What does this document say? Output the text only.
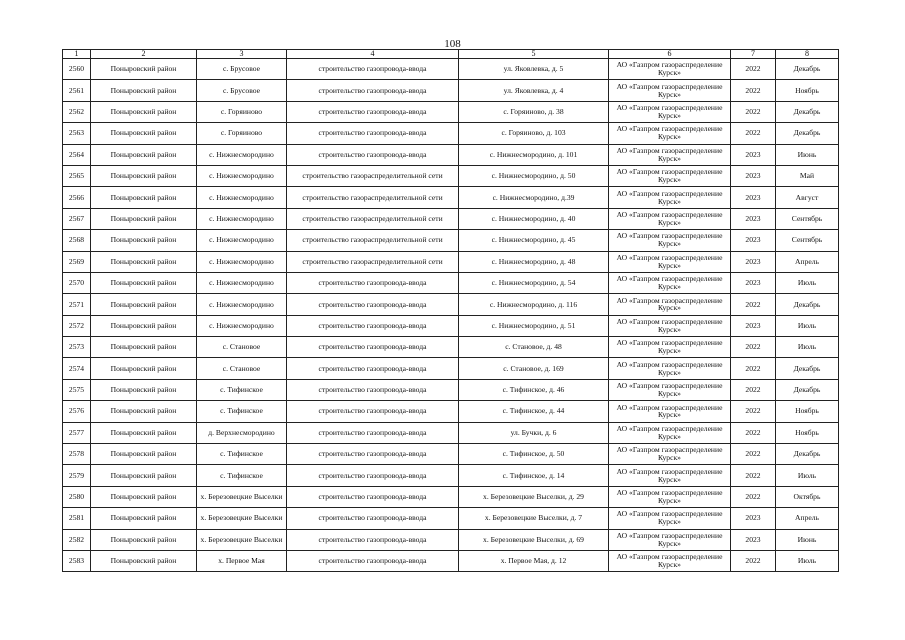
108
1	2	3	4	5	6	7	8
2560	Поныровский район	с. Брусовое	строительство газопровода-ввода	ул. Яковлевка, д. 5	АО «Газпром газораспределение Курск»	2022	Декабрь
2561	Поныровский район	с. Брусовое	строительство газопровода-ввода	ул. Яковлевка, д. 4	АО «Газпром газораспределение Курск»	2022	Ноябрь
2562	Поныровский район	с. Горяиново	строительство газопровода-ввода	с. Горяиново, д. 38	АО «Газпром газораспределение Курск»	2022	Декабрь
2563	Поныровский район	с. Горяиново	строительство газопровода-ввода	с. Горяиново, д. 103	АО «Газпром газораспределение Курск»	2022	Декабрь
2564	Поныровский район	с. Нижнесмородино	строительство газопровода-ввода	с. Нижнесмородино, д. 101	АО «Газпром газораспределение Курск»	2023	Июнь
2565	Поныровский район	с. Нижнесмородино	строительство газораспределительной сети	с. Нижнесмородино, д. 50	АО «Газпром газораспределение Курск»	2023	Май
2566	Поныровский район	с. Нижнесмородино	строительство газораспределительной сети	с. Нижнесмородино, д.39	АО «Газпром газораспределение Курск»	2023	Август
2567	Поныровский район	с. Нижнесмородино	строительство газораспределительной сети	с. Нижнесмородино, д. 40	АО «Газпром газораспределение Курск»	2023	Сентябрь
2568	Поныровский район	с. Нижнесмородино	строительство газораспределительной сети	с. Нижнесмородино, д. 45	АО «Газпром газораспределение Курск»	2023	Сентябрь
2569	Поныровский район	с. Нижнесмородино	строительство газораспределительной сети	с. Нижнесмородино, д. 48	АО «Газпром газораспределение Курск»	2023	Апрель
2570	Поныровский район	с. Нижнесмородино	строительство газопровода-ввода	с. Нижнесмородино, д. 54	АО «Газпром газораспределение Курск»	2023	Июль
2571	Поныровский район	с. Нижнесмородино	строительство газопровода-ввода	с. Нижнесмородино, д. 116	АО «Газпром газораспределение Курск»	2022	Декабрь
2572	Поныровский район	с. Нижнесмородино	строительство газопровода-ввода	с. Нижнесмородино, д. 51	АО «Газпром газораспределение Курск»	2023	Июль
2573	Поныровский район	с. Становое	строительство газопровода-ввода	с. Становое, д. 48	АО «Газпром газораспределение Курск»	2022	Июль
2574	Поныровский район	с. Становое	строительство газопровода-ввода	с. Становое, д. 169	АО «Газпром газораспределение Курск»	2022	Декабрь
2575	Поныровский район	с. Тифинское	строительство газопровода-ввода	с. Тифинское, д. 46	АО «Газпром газораспределение Курск»	2022	Декабрь
2576	Поныровский район	с. Тифинское	строительство газопровода-ввода	с. Тифинское, д. 44	АО «Газпром газораспределение Курск»	2022	Ноябрь
2577	Поныровский район	д. Верхнесмородино	строительство газопровода-ввода	ул. Бучки, д. 6	АО «Газпром газораспределение Курск»	2022	Ноябрь
2578	Поныровский район	с. Тифинское	строительство газопровода-ввода	с. Тифинское, д. 50	АО «Газпром газораспределение Курск»	2022	Декабрь
2579	Поныровский район	с. Тифинское	строительство газопровода-ввода	с. Тифинское, д. 14	АО «Газпром газораспределение Курск»	2022	Июль
2580	Поныровский район	х. Березовецкие Выселки	строительство газопровода-ввода	х. Березовецкие Выселки, д. 29	АО «Газпром газораспределение Курск»	2022	Октябрь
2581	Поныровский район	х. Березовецкие Выселки	строительство газопровода-ввода	х. Березовецкие Выселки, д. 7	АО «Газпром газораспределение Курск»	2023	Апрель
2582	Поныровский район	х. Березовецкие Выселки	строительство газопровода-ввода	х. Березовецкие Выселки, д. 69	АО «Газпром газораспределение Курск»	2023	Июнь
2583	Поныровский район	х. Первое Мая	строительство газопровода-ввода	х. Первое Мая, д. 12	АО «Газпром газораспределение Курск»	2022	Июль
